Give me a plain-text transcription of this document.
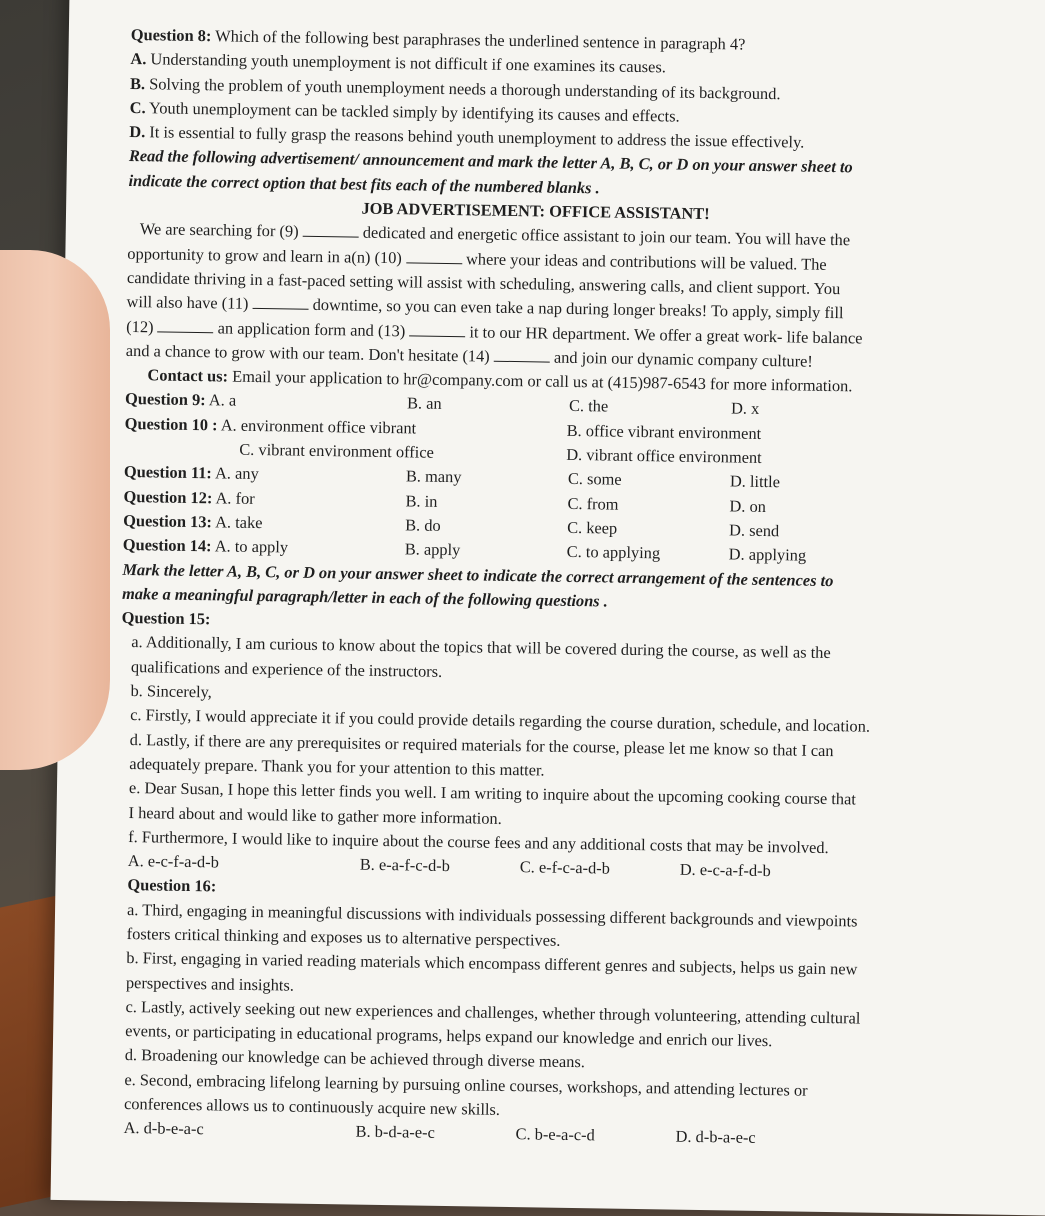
Question 8: Which of the following best paraphrases the underlined sentence in paragraph 4?
A. Understanding youth unemployment is not difficult if one examines its causes.
B. Solving the problem of youth unemployment needs a thorough understanding of its background.
C. Youth unemployment can be tackled simply by identifying its causes and effects.
D. It is essential to fully grasp the reasons behind youth unemployment to address the issue effectively.
Read the following advertisement/ announcement and mark the letter A, B, C, or D on your answer sheet to
indicate the correct option that best fits each of the numbered blanks .
JOB ADVERTISEMENT: OFFICE ASSISTANT!
We are searching for (9)	dedicated and energetic office assistant to join our team. You will have the
opportunity to grow and learn in a(n) (10)	where your ideas and contributions will be valued. The
candidate thriving in a fast-paced setting will assist with scheduling, answering calls, and client support. You
will also have (11)	downtime, so you can even take a nap during longer breaks! To apply, simply fill
(12)	an application form and (13)	it to our HR department. We offer a great work- life balance
and a chance to grow with our team. Don't hesitate (14)	and join our dynamic company culture!
Contact us: Email your application to hr@company.com or call us at (415)987-6543 for more information.
Question 9: A. a	B. an	C. the	D. x
Question 10 : A. environment office vibrant	B. office vibrant environment
C. vibrant environment office	D. vibrant office environment
Question 11: A. any	B. many	C. some	D. little
Question 12: A. for	B. in	C. from	D. on
Question 13: A. take	B. do	C. keep	D. send
Question 14: A. to apply	B. apply	C. to applying	D. applying
Mark the letter A, B, C, or D on your answer sheet to indicate the correct arrangement of the sentences to
make a meaningful paragraph/letter in each of the following questions .
Question 15:
a. Additionally, I am curious to know about the topics that will be covered during the course, as well as the
qualifications and experience of the instructors.
b. Sincerely,
c. Firstly, I would appreciate it if you could provide details regarding the course duration, schedule, and location.
d. Lastly, if there are any prerequisites or required materials for the course, please let me know so that I can
adequately prepare. Thank you for your attention to this matter.
e. Dear Susan, I hope this letter finds you well. I am writing to inquire about the upcoming cooking course that
I heard about and would like to gather more information.
f. Furthermore, I would like to inquire about the course fees and any additional costs that may be involved.
A. e-c-f-a-d-b	B. e-a-f-c-d-b	C. e-f-c-a-d-b	D. e-c-a-f-d-b
Question 16:
a. Third, engaging in meaningful discussions with individuals possessing different backgrounds and viewpoints
fosters critical thinking and exposes us to alternative perspectives.
b. First, engaging in varied reading materials which encompass different genres and subjects, helps us gain new
perspectives and insights.
c. Lastly, actively seeking out new experiences and challenges, whether through volunteering, attending cultural
events, or participating in educational programs, helps expand our knowledge and enrich our lives.
d. Broadening our knowledge can be achieved through diverse means.
e. Second, embracing lifelong learning by pursuing online courses, workshops, and attending lectures or
conferences allows us to continuously acquire new skills.
A. d-b-e-a-c	B. b-d-a-e-c	C. b-e-a-c-d	D. d-b-a-e-c
